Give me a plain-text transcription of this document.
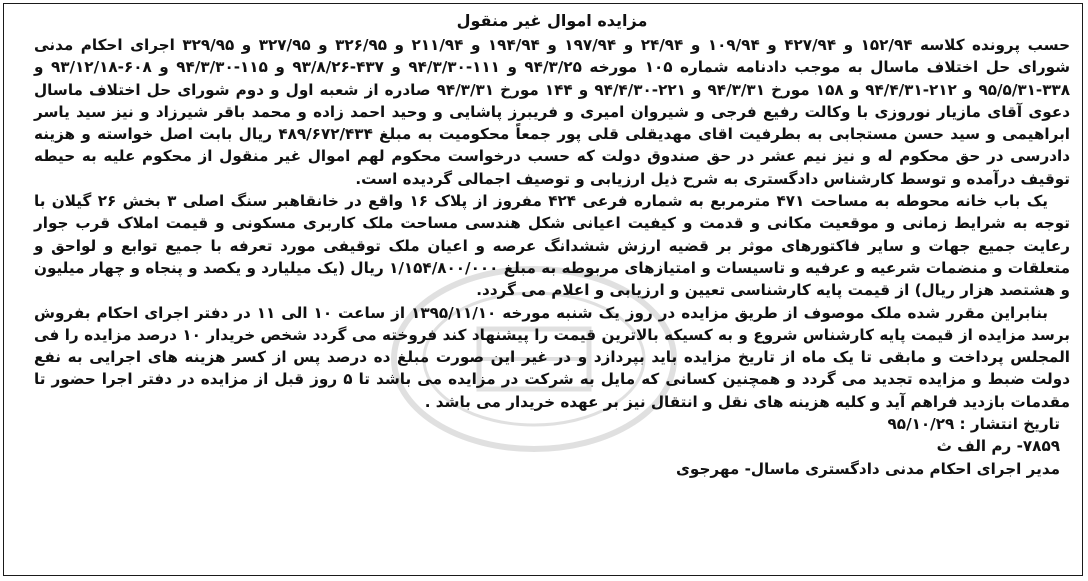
مزایده اموال غیر منقول

حسب پرونده کلاسه ۱۵۲/۹۴ و ۴۲۷/۹۴ و ۱۰۹/۹۴ و ۲۴/۹۴ و ۱۹۷/۹۴ و ۱۹۴/۹۴ و ۲۱۱/۹۴ و ۳۲۶/۹۵ و ۳۲۷/۹۵ و ۳۲۹/۹۵ اجرای احکام مدنی شورای حل اختلاف ماسال به موجب دادنامه شماره ۱۰۵ مورخه ۹۴/۳/۲۵ و ۱۱۱-۹۴/۳/۳۰ و ۴۳۷-۹۳/۸/۲۶ و ۱۱۵-۹۴/۳/۳۰ و ۶۰۸-۹۳/۱۲/۱۸ و ۳۳۸-۹۵/۵/۳۱ و ۲۱۲-۹۴/۴/۳۱ و ۱۵۸ مورخ ۹۴/۳/۳۱ و ۲۲۱-۹۴/۴/۳۰ و ۱۴۴ مورخ ۹۴/۳/۳۱ صادره از شعبه اول و دوم شورای حل اختلاف ماسال دعوی آقای مازیار نوروزی با وکالت رفیع فرجی و شیروان امیری و فریبرز پاشایی و وحید احمد زاده و محمد باقر شیرزاد و نیز سید یاسر ابراهیمی و سید حسن مستجابی به بطرفیت اقای مهدیقلی قلی پور جمعاً محکومیت به مبلغ ۴۸۹/۶۷۲/۴۳۴ ریال بابت اصل خواسته و هزینه دادرسی در حق محکوم له و نیز نیم عشر در حق صندوق دولت که حسب درخواست محکوم لهم اموال غیر منقول از محکوم علیه به حیطه توقیف درآمده و توسط کارشناس دادگستری به شرح ذیل ارزیابی و توصیف اجمالی گردیده است.

یک باب خانه محوطه به مساحت ۴۷۱ مترمربع به شماره فرعی ۴۲۴ مفروز از پلاک ۱۶ واقع در خانقاهبر سنگ اصلی ۳ بخش ۲۶ گیلان با توجه به شرایط زمانی و موقعیت مکانی و قدمت و کیفیت اعیانی شکل هندسی مساحت ملک کاربری مسکونی و قیمت املاک قرب جوار رعایت جمیع جهات و سایر فاکتورهای موثر بر قضیه ارزش ششدانگ عرصه و اعیان ملک توقیفی مورد تعرفه با جمیع توابع و لواحق و متعلقات و منضمات شرعیه و عرفیه و تاسیسات و امتیازهای مربوطه به مبلغ ۱/۱۵۴/۸۰۰/۰۰۰ ریال (یک میلیارد و یکصد و پنجاه و چهار میلیون و هشتصد هزار ریال) از قیمت پایه کارشناسی تعیین و ارزیابی و اعلام می گردد.

بنابراین مقرر شده ملک موصوف از طریق مزایده در روز یک شنبه مورخه ۱۳۹۵/۱۱/۱۰ از ساعت ۱۰ الی ۱۱ در دفتر اجرای احکام بفروش برسد مزایده از قیمت پایه کارشناس شروع و به کسیکه بالاترین قیمت را پیشنهاد کند فروخته می گردد شخص خریدار ۱۰ درصد مزایده را فی المجلس پرداخت و مابقی تا یک ماه از تاریخ مزایده باید بپردازد و در غیر این صورت مبلغ ده درصد پس از کسر هزینه های اجرایی به نفع دولت ضبط و مزایده تجدید می گردد و همچنین کسانی که مایل به شرکت در مزایده می باشد تا ۵ روز قبل از مزایده در دفتر اجرا حضور تا مقدمات بازدید فراهم آید و کلیه هزینه های نقل و انتقال نیز بر عهده خریدار می باشد .

تاریخ انتشار : ۹۵/۱۰/۲۹
۷۸۵۹- رم الف ث
مدیر اجرای احکام مدنی دادگستری ماسال- مهرجوی
